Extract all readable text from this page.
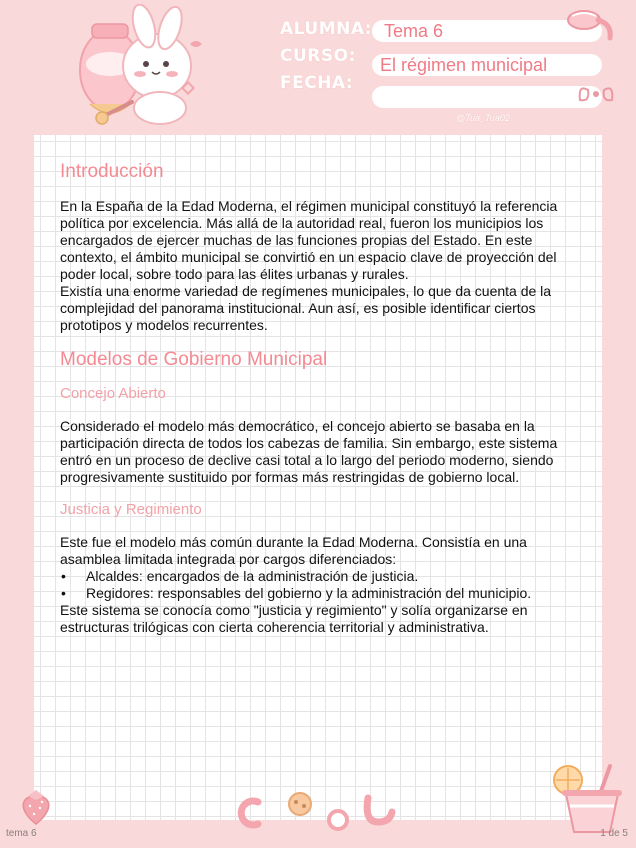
ALUMNA:
CURSO:
FECHA:
Tema 6
El régimen municipal
@Tua_Tua02
Introducción

En la España de la Edad Moderna, el régimen municipal constituyó la referencia política por excelencia. Más allá de la autoridad real, fueron los municipios los encargados de ejercer muchas de las funciones propias del Estado. En este contexto, el ámbito municipal se convirtió en un espacio clave de proyección del poder local, sobre todo para las élites urbanas y rurales.

Existía una enorme variedad de regímenes municipales, lo que da cuenta de la complejidad del panorama institucional. Aun así, es posible identificar ciertos prototipos y modelos recurrentes.

Modelos de Gobierno Municipal
Concejo Abierto

Considerado el modelo más democrático, el concejo abierto se basaba en la participación directa de todos los cabezas de familia. Sin embargo, este sistema entró en un proceso de declive casi total a lo largo del periodo moderno, siendo progresivamente sustituido por formas más restringidas de gobierno local.

Justicia y Regimiento

Este fue el modelo más común durante la Edad Moderna. Consistía en una asamblea limitada integrada por cargos diferenciados:

• Alcaldes: encargados de la administración de justicia.
• Regidores: responsables del gobierno y la administración del municipio.

Este sistema se conocía como "justicia y regimiento" y solía organizarse en estructuras trilógicas con cierta coherencia territorial y administrativa.

tema 6	1 de 5
